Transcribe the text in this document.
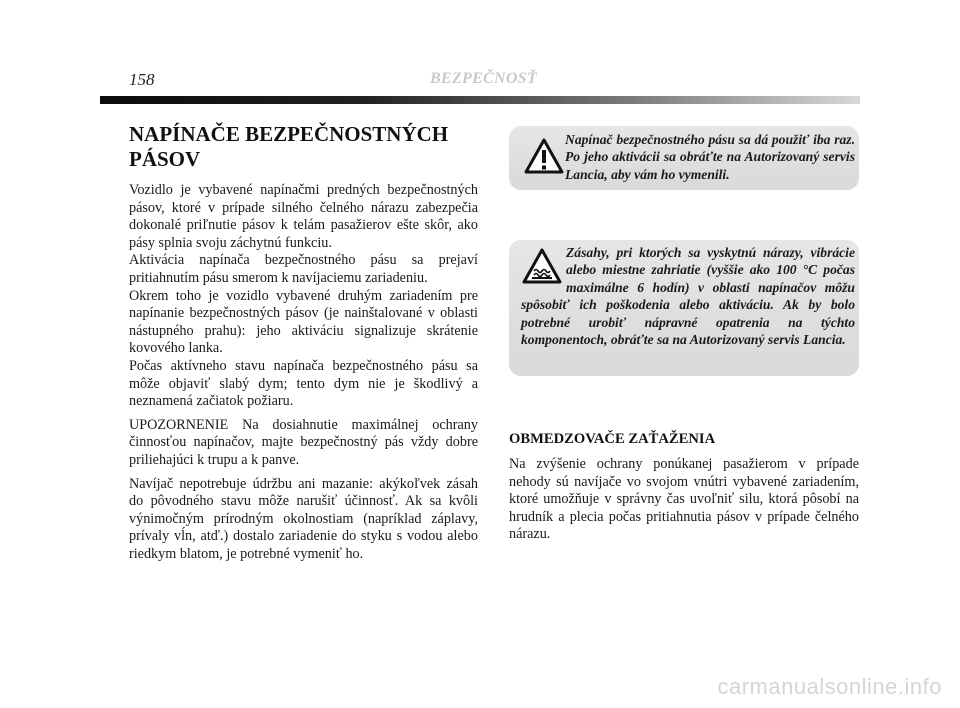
158	BEZPEČNOSŤ
NAPÍNAČE BEZPEČNOSTNÝCH PÁSOV

Vozidlo je vybavené napínačmi predných bezpečnostných pásov, ktoré v prípade silného čelného nárazu zabezpečia dokonalé priľnutie pásov k telám pasažierov ešte skôr, ako pásy splnia svoju záchytnú funkciu.

Aktivácia napínača bezpečnostného pásu sa prejaví pritiahnutím pásu smerom k navíjaciemu zariadeniu.

Okrem toho je vozidlo vybavené druhým zariadením pre napínanie bezpečnostných pásov (je nainštalované v oblasti nástupného prahu): jeho aktiváciu signalizuje skrátenie kovového lanka.

Počas aktívneho stavu napínača bezpečnostného pásu sa môže objaviť slabý dym; tento dym nie je škodlivý a neznamená začiatok požiaru.

UPOZORNENIE Na dosiahnutie maximálnej ochrany činnosťou napínačov, majte bezpečnostný pás vždy dobre priliehajúci k trupu a k panve.

Navíjač nepotrebuje údržbu ani mazanie: akýkoľvek zásah do pôvodného stavu môže narušiť účinnosť. Ak sa kvôli výnimočným prírodným okolnostiam (napríklad záplavy, prívaly vĺn, atď.) dostalo zariadenie do styku s vodou alebo riedkym blatom, je potrebné vymeniť ho.

Napínač bezpečnostného pásu sa dá použiť iba raz. Po jeho aktivácii sa obráťte na Autorizovaný servis Lancia, aby vám ho vymenili.
Zásahy, pri ktorých sa vyskytnú nárazy, vibrácie alebo miestne zahriatie (vyššie ako 100 °C počas maximálne 6 hodín) v oblasti napínačov môžu spôsobiť ich poškodenia alebo aktiváciu. Ak by bolo potrebné urobiť nápravné opatrenia na týchto komponentoch, obráťte sa na Autorizovaný servis Lancia.
OBMEDZOVAČE ZAŤAŽENIA

Na zvýšenie ochrany ponúkanej pasažierom v prípade nehody sú navíjače vo svojom vnútri vybavené zariadením, ktoré umožňuje v správny čas uvoľniť silu, ktorá pôsobí na hrudník a plecia počas pritiahnutia pásov v prípade čelného nárazu.

carmanualsonline.info
